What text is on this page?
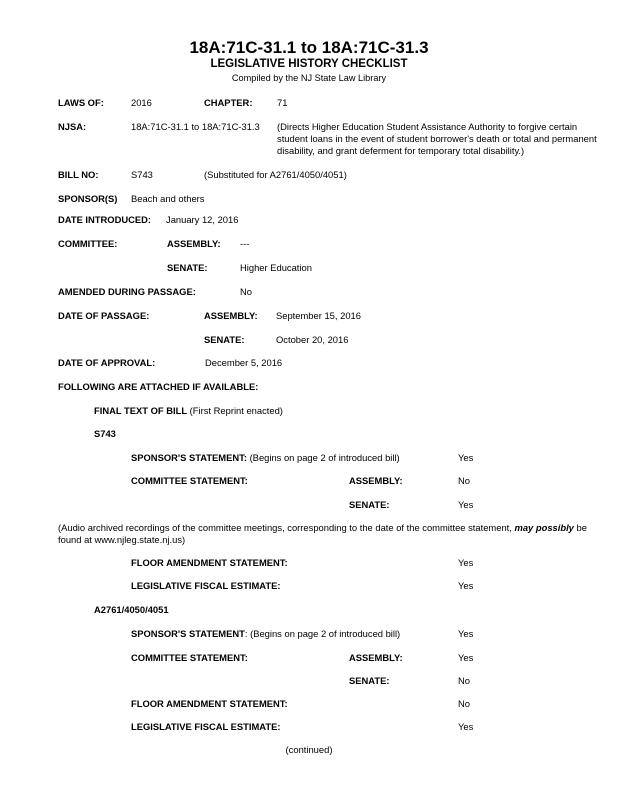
18A:71C-31.1 to 18A:71C-31.3
LEGISLATIVE HISTORY CHECKLIST
Compiled by the NJ State Law Library
LAWS OF:	2016	CHAPTER:	71
NJSA:	18A:71C-31.1 to 18A:71C-31.3 (Directs Higher Education Student Assistance Authority to forgive certain student loans in the event of student borrower's death or total and permanent disability, and grant deferment for temporary total disability.)
BILL NO:	S743	(Substituted for A2761/4050/4051)
SPONSOR(S) Beach and others
DATE INTRODUCED: January 12, 2016
COMMITTEE:	ASSEMBLY: ---
SENATE:	Higher Education
AMENDED DURING PASSAGE:	No
DATE OF PASSAGE:	ASSEMBLY: September 15, 2016
SENATE:	October 20, 2016
DATE OF APPROVAL:	December 5, 2016
FOLLOWING ARE ATTACHED IF AVAILABLE:
FINAL TEXT OF BILL (First Reprint enacted)
S743
SPONSOR'S STATEMENT: (Begins on page 2 of introduced bill)	Yes
COMMITTEE STATEMENT:	ASSEMBLY:	No
SENATE:	Yes
(Audio archived recordings of the committee meetings, corresponding to the date of the committee statement, may possibly be found at www.njleg.state.nj.us)
FLOOR AMENDMENT STATEMENT:	Yes
LEGISLATIVE FISCAL ESTIMATE:	Yes
A2761/4050/4051
SPONSOR'S STATEMENT: (Begins on page 2 of introduced bill)	Yes
COMMITTEE STATEMENT:	ASSEMBLY:	Yes
SENATE:	No
FLOOR AMENDMENT STATEMENT:	No
LEGISLATIVE FISCAL ESTIMATE:	Yes
(continued)
